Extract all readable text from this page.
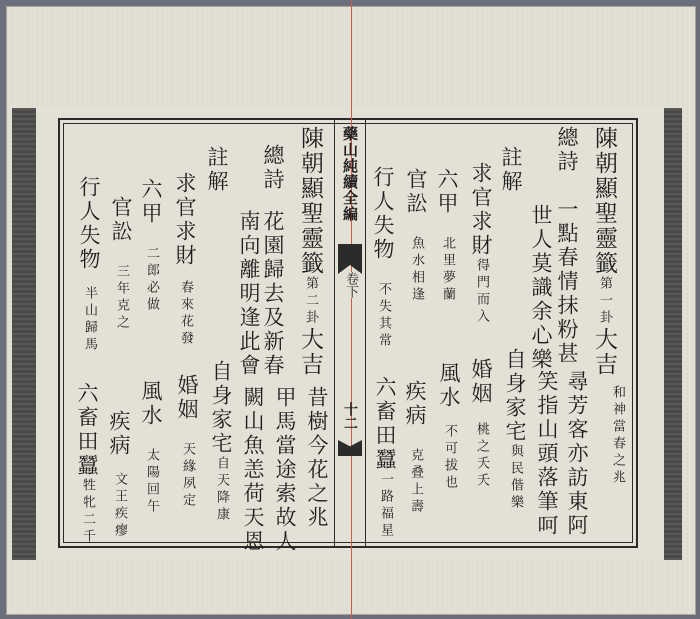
藥山純續全編
卷下
十二
陳朝顯聖靈籤第一卦大吉
總詩一點春情抹粉甚
世人莫識余心樂
註解
求官求財得門而入
六甲北里夢蘭
官訟魚水相逢
行人失物不失其常
和神當春之兆
尋芳客亦訪東阿
笑指山頭落筆呵
自身家宅與民偕樂
婚姻桃之夭夭
風水不可拔也
疾病克叠上壽
六畜田蠶一路福星
陳朝顯聖靈籤第二卦大吉
總詩花園歸去及新春
南向離明逢此會
註解
求官求財春來花發
六甲二郎必做
官訟三年克之
行人失物半山歸馬
昔樹今花之兆
甲馬當途索故人
闕山魚恙荷天恩
自身家宅自天降康
婚姻天緣夙定
風水太陽回午
疾病文王疾瘳
六畜田蠶牲牝二千
